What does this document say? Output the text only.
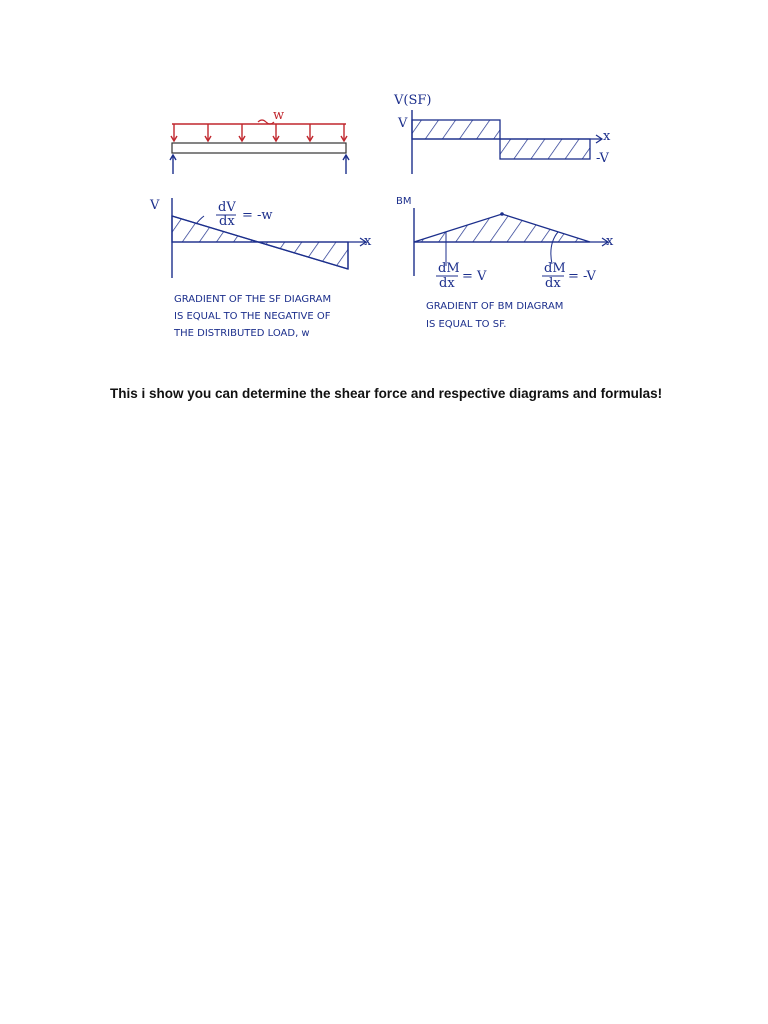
w
V(SF)
x
V
-V
V
x
dV
dx = -w
GRADIENT OF THE SF DIAGRAM
IS EQUAL TO THE NEGATIVE OF
THE DISTRIBUTED LOAD, w
BM
x
dM
dx = V
dM
dx = -V
GRADIENT OF BM DIAGRAM
IS EQUAL TO SF.
This i show you can determine the shear force and respective diagrams and formulas!
